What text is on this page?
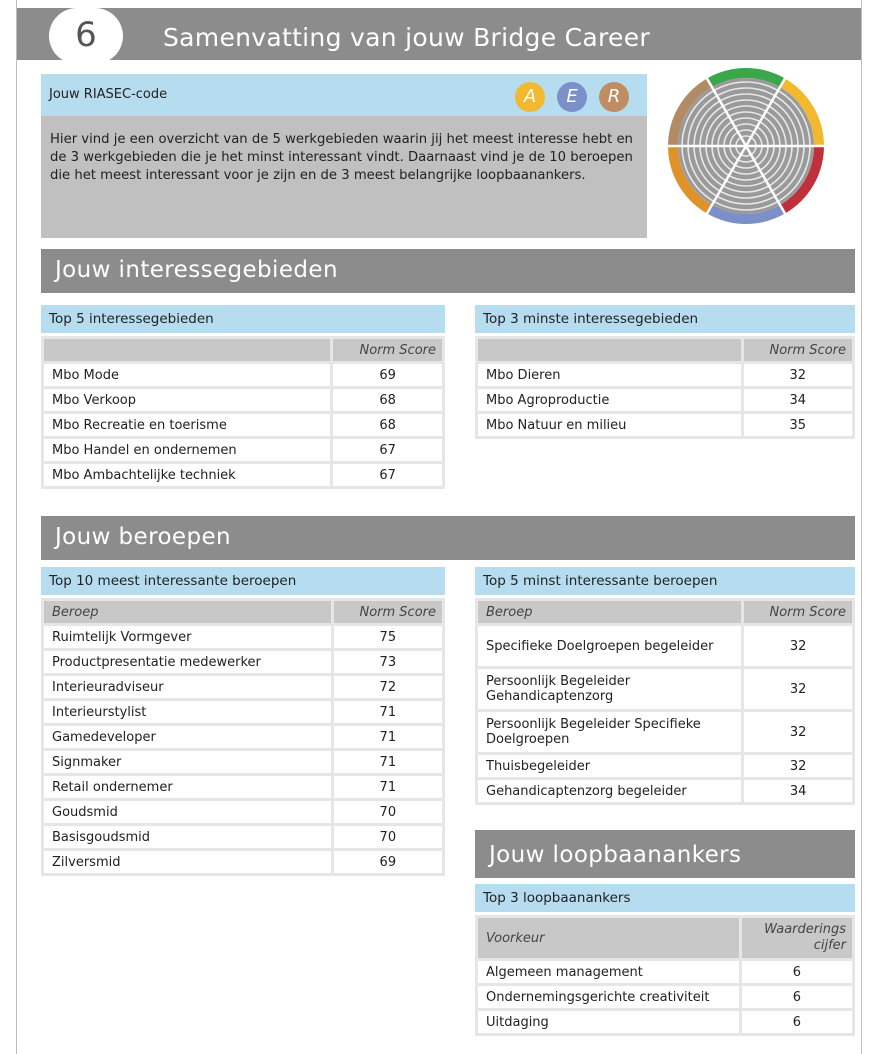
Samenvatting van jouw Bridge Career
6
Jouw RIASEC-code	A	E	R
Hier vind je een overzicht van de 5 werkgebieden waarin jij het meest interesse hebt en de 3 werkgebieden die je het minst interessant vindt. Daarnaast vind je de 10 beroepen die het meest interessant voor je zijn en de 3 meest belangrijke loopbaanankers.
Jouw interessegebieden
Top 5 interessegebieden
	Norm Score
Mbo Mode	69
Mbo Verkoop	68
Mbo Recreatie en toerisme	68
Mbo Handel en ondernemen	67
Mbo Ambachtelijke techniek	67
Top 3 minste interessegebieden
	Norm Score
Mbo Dieren	32
Mbo Agroproductie	34
Mbo Natuur en milieu	35
Jouw beroepen
Top 10 meest interessante beroepen
Beroep	Norm Score
Ruimtelijk Vormgever	75
Productpresentatie medewerker	73
Interieuradviseur	72
Interieurstylist	71
Gamedeveloper	71
Signmaker	71
Retail ondernemer	71
Goudsmid	70
Basisgoudsmid	70
Zilversmid	69
Top 5 minst interessante beroepen
Beroep	Norm Score
Specifieke Doelgroepen begeleider	32
Persoonlijk Begeleider Gehandicaptenzorg	32
Persoonlijk Begeleider Specifieke Doelgroepen	32
Thuisbegeleider	32
Gehandicaptenzorg begeleider	34
Jouw loopbaanankers
Top 3 loopbaanankers
Voorkeur	Waarderings cijfer
Algemeen management	6
Ondernemingsgerichte creativiteit	6
Uitdaging	6
